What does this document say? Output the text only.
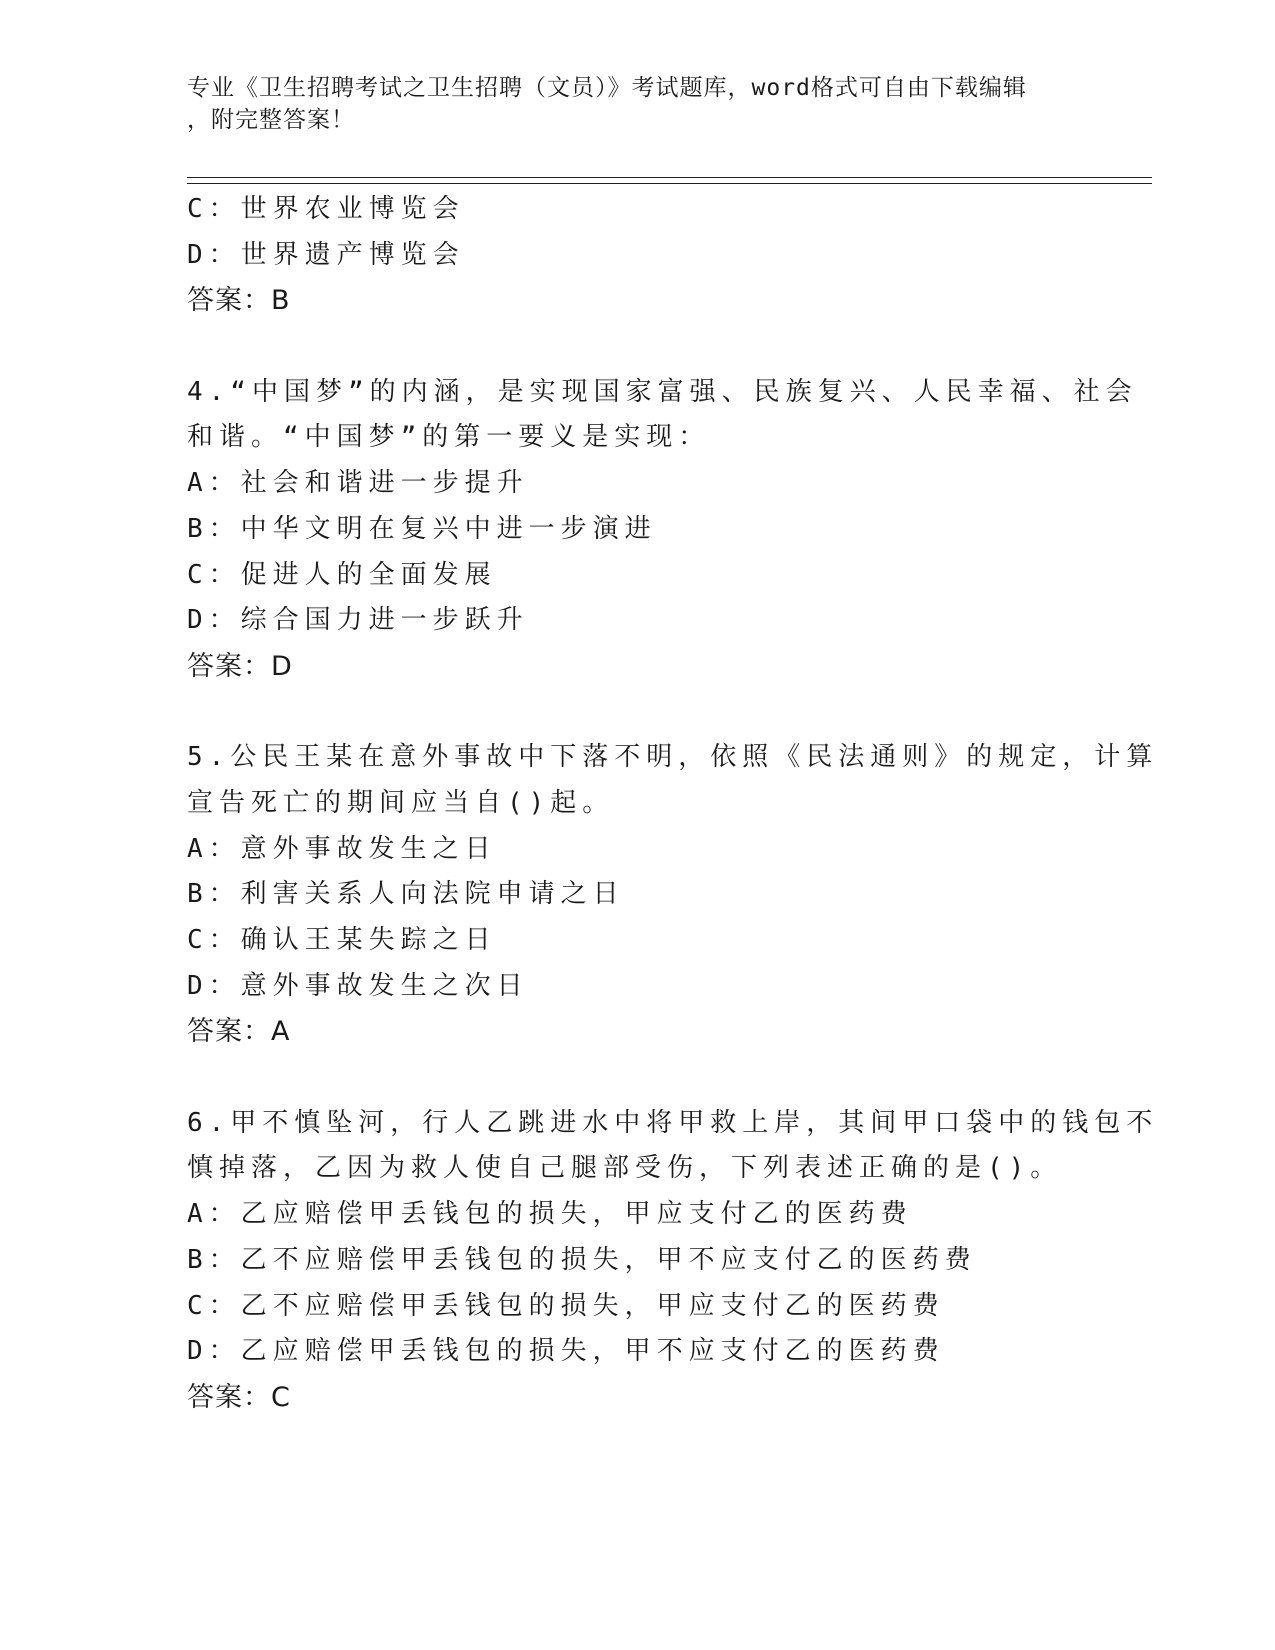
专业《卫生招聘考试之卫生招聘（文员）》考试题库，word格式可自由下载编辑
，附完整答案！
C：世界农业博览会
D：世界遗产博览会
答案：B
4.“中国梦”的内涵，是实现国家富强、民族复兴、人民幸福、社会
和谐。“中国梦”的第一要义是实现：
A：社会和谐进一步提升
B：中华文明在复兴中进一步演进
C：促进人的全面发展
D：综合国力进一步跃升
答案：D
5.公民王某在意外事故中下落不明，依照《民法通则》的规定，计算
宣告死亡的期间应当自()起。
A：意外事故发生之日
B：利害关系人向法院申请之日
C：确认王某失踪之日
D：意外事故发生之次日
答案：A
6.甲不慎坠河，行人乙跳进水中将甲救上岸，其间甲口袋中的钱包不
慎掉落，乙因为救人使自己腿部受伤，下列表述正确的是()。
A：乙应赔偿甲丢钱包的损失，甲应支付乙的医药费
B：乙不应赔偿甲丢钱包的损失，甲不应支付乙的医药费
C：乙不应赔偿甲丢钱包的损失，甲应支付乙的医药费
D：乙应赔偿甲丢钱包的损失，甲不应支付乙的医药费
答案：C
